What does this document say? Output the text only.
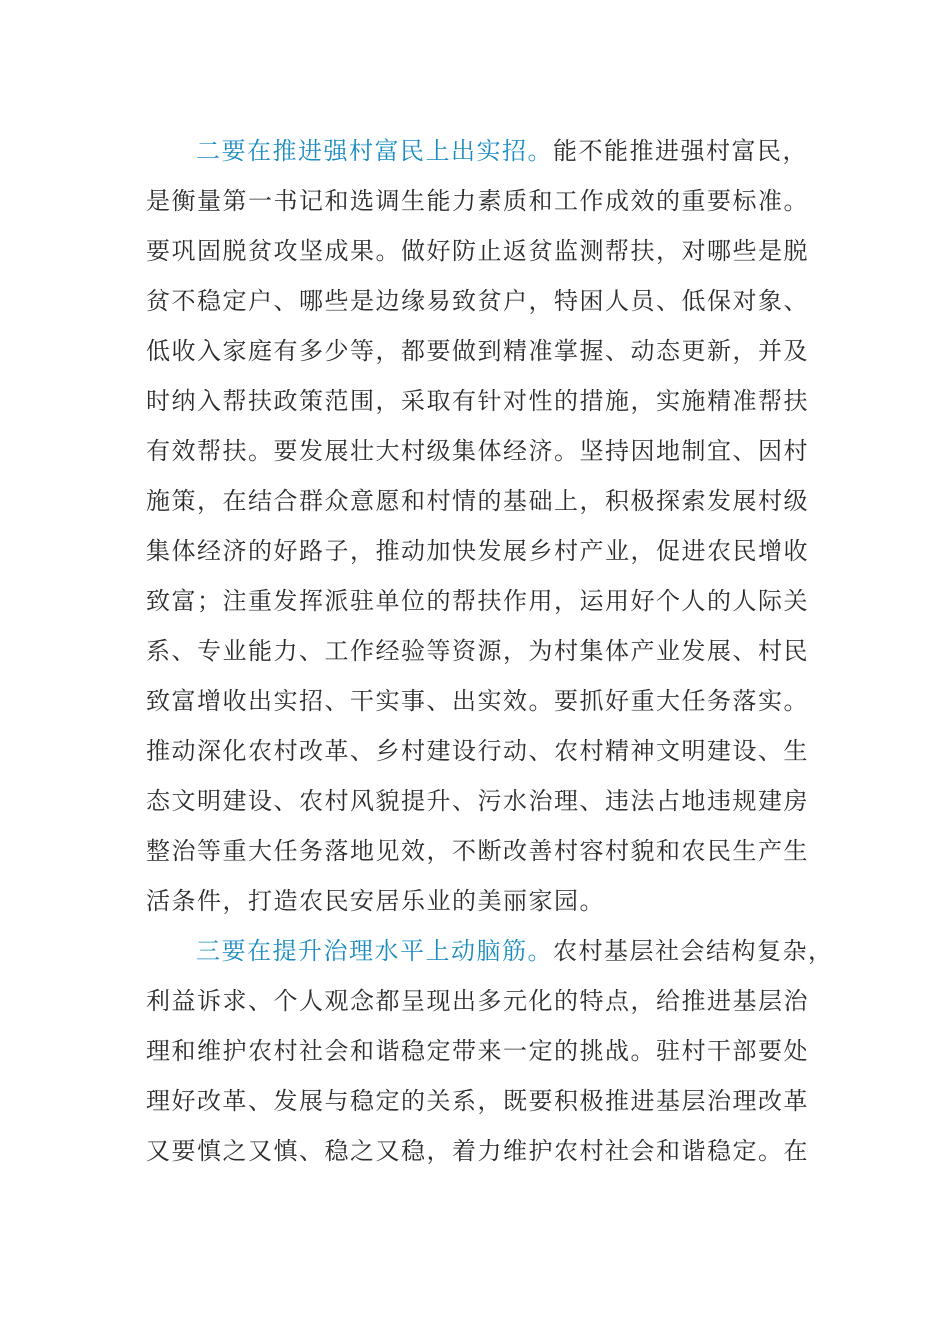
二要在推进强村富民上出实招。能不能推进强村富民，
是衡量第一书记和选调生能力素质和工作成效的重要标准。
要巩固脱贫攻坚成果。做好防止返贫监测帮扶，对哪些是脱
贫不稳定户、哪些是边缘易致贫户，特困人员、低保对象、
低收入家庭有多少等，都要做到精准掌握、动态更新，并及
时纳入帮扶政策范围，采取有针对性的措施，实施精准帮扶
有效帮扶。要发展壮大村级集体经济。坚持因地制宜、因村
施策，在结合群众意愿和村情的基础上，积极探索发展村级
集体经济的好路子，推动加快发展乡村产业，促进农民增收
致富；注重发挥派驻单位的帮扶作用，运用好个人的人际关
系、专业能力、工作经验等资源，为村集体产业发展、村民
致富增收出实招、干实事、出实效。要抓好重大任务落实。
推动深化农村改革、乡村建设行动、农村精神文明建设、生
态文明建设、农村风貌提升、污水治理、违法占地违规建房
整治等重大任务落地见效，不断改善村容村貌和农民生产生
活条件，打造农民安居乐业的美丽家园。
三要在提升治理水平上动脑筋。农村基层社会结构复杂，
利益诉求、个人观念都呈现出多元化的特点，给推进基层治
理和维护农村社会和谐稳定带来一定的挑战。驻村干部要处
理好改革、发展与稳定的关系，既要积极推进基层治理改革
又要慎之又慎、稳之又稳，着力维护农村社会和谐稳定。在
